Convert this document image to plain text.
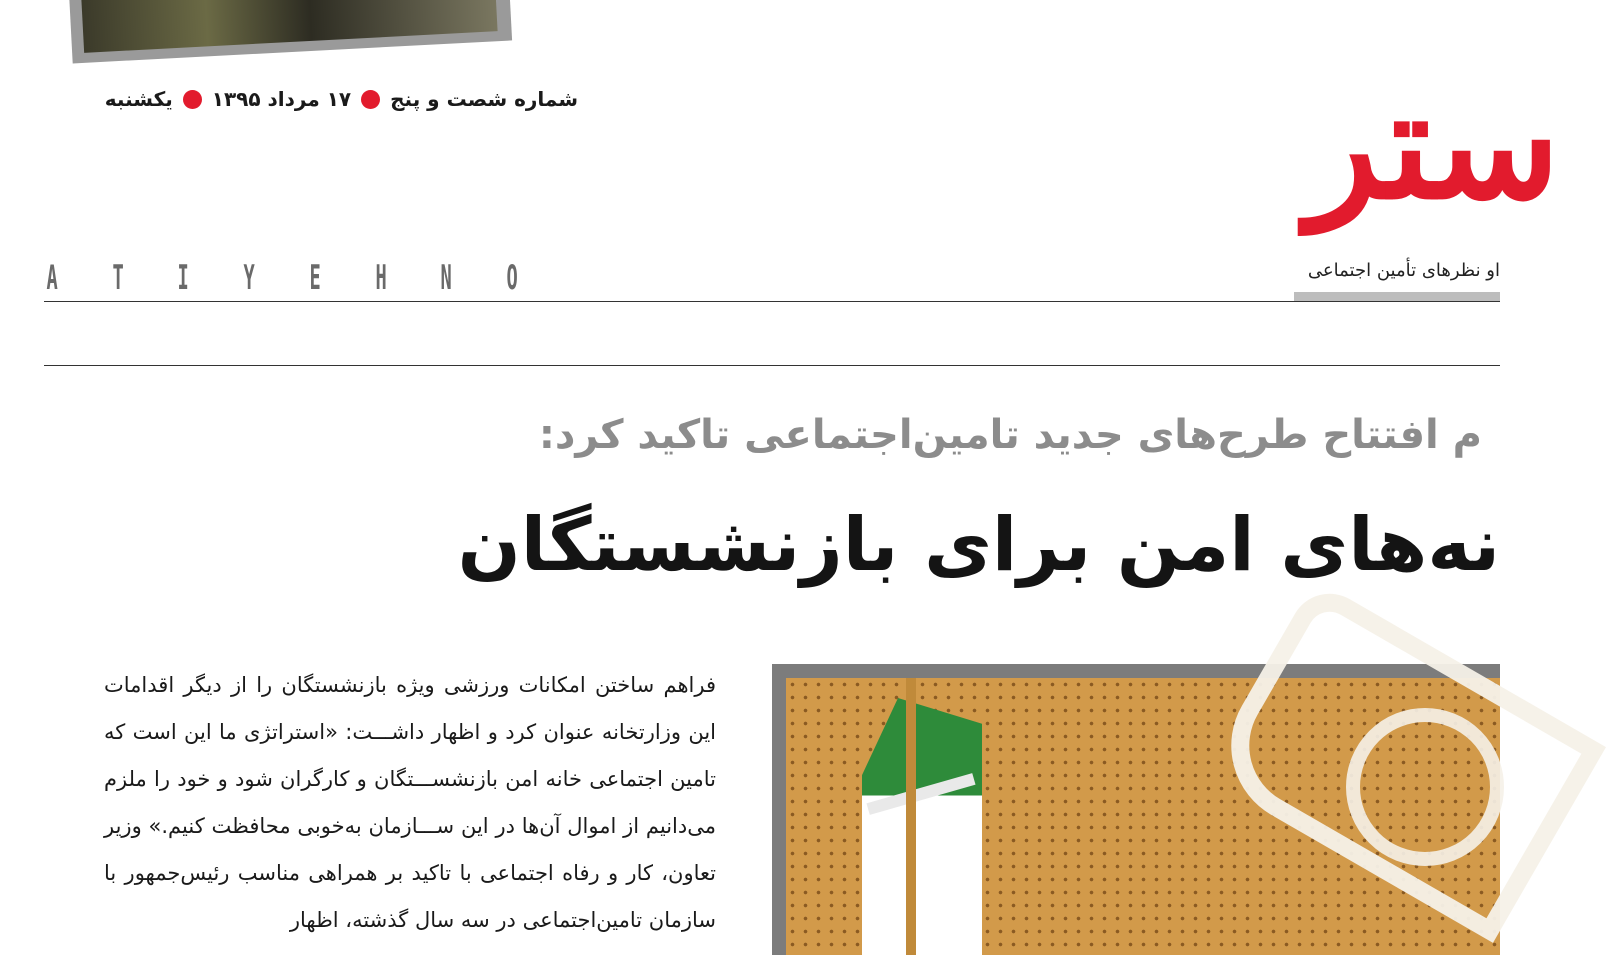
یکشنبه ۱۷ مرداد ۱۳۹۵ شماره شصت و پنج	ستر
او نظرهای تأمین اجتماعی
A T I Y E H N O
م افتتاح طرح‌های جدید تامین‌اجتماعی تاکید کرد:
نه‌های امن برای بازنشستگان

فراهم ساختن امکانات ورزشی ویژه بازنشستگان را از دیگر اقدامات این وزارتخانه عنوان کرد و اظهار داشـــت: «استراتژی ما این است که تامین اجتماعی خانه امن بازنشســـتگان و کارگران شود و خود را ملزم می‌دانیم از اموال آن‌ها در این ســـازمان به‌خوبی محافظت کنیم.» وزیر تعاون، کار و رفاه اجتماعی با تاکید بر همراهی مناسب رئیس‌جمهور با سازمان تامین‌اجتماعی در سه سال گذشته، اظهار
